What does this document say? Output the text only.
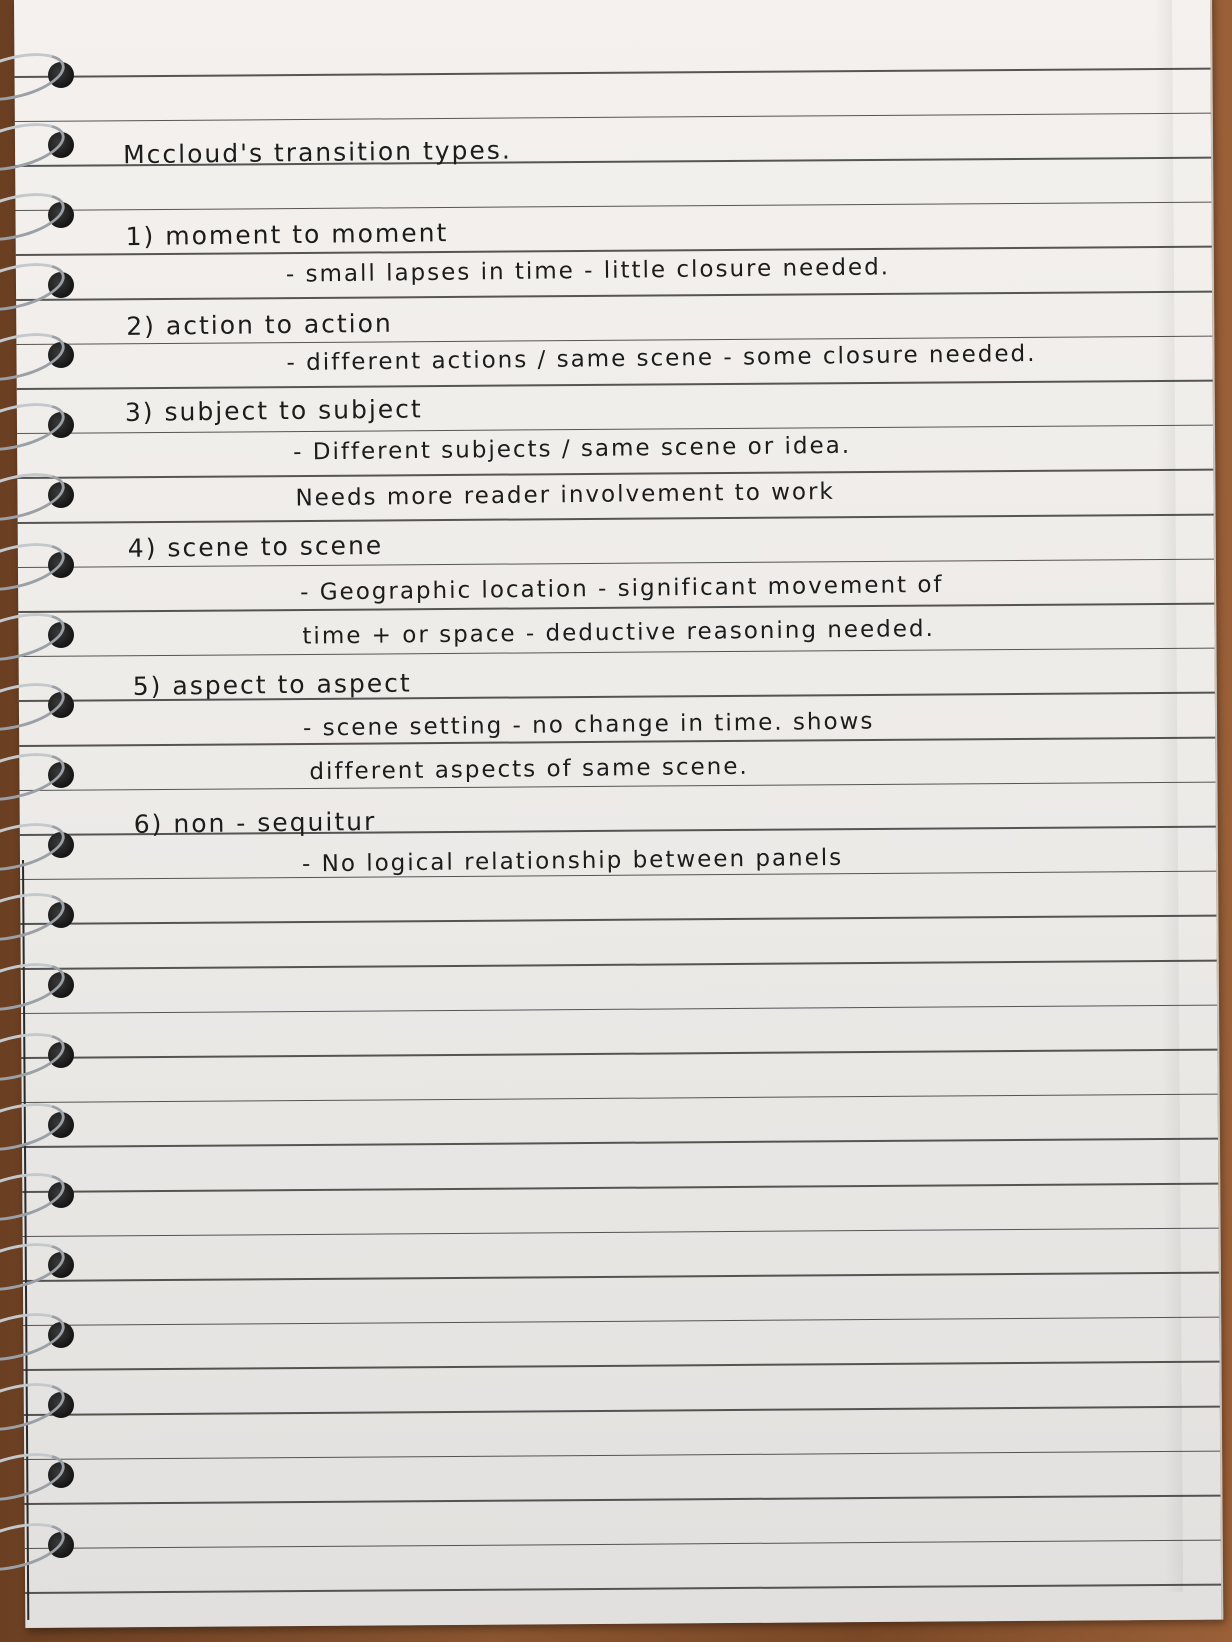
Mccloud's transition types.
1) moment to moment
- small lapses in time - little closure needed.
2) action to action
- different actions / same scene - some closure needed.
3) subject to subject
- Different subjects / same scene or idea.
Needs more reader involvement to work
4) scene to scene
- Geographic location - significant movement of
time + or space - deductive reasoning needed.
5) aspect to aspect
- scene setting - no change in time. shows
different aspects of same scene.
6) non - sequitur
- No logical relationship between panels
